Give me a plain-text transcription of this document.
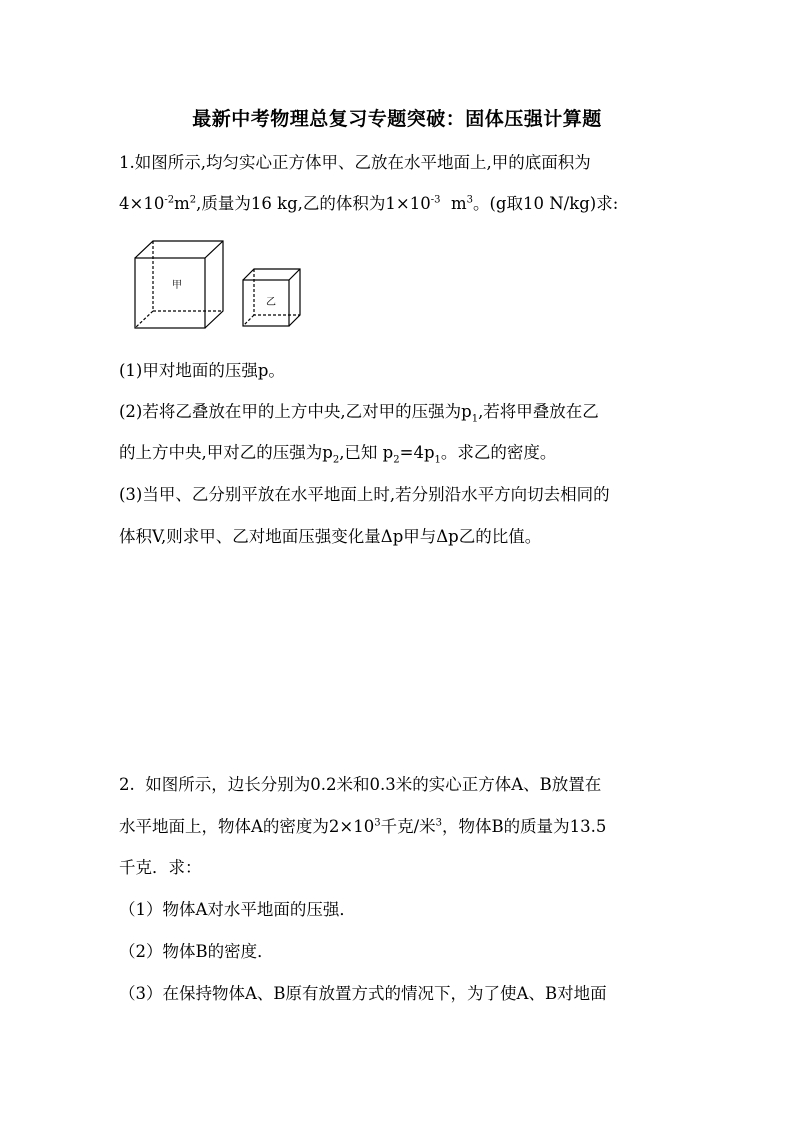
最新中考物理总复习专题突破：固体压强计算题
1.如图所示,均匀实心正方体甲、乙放在水平地面上,甲的底面积为
$4\times 10^{-2}m^2$,质量为16 kg,乙的体积为$1\times 10^{-3}$  $m^3$。(g取10 N/kg)求:
甲
乙
(1)甲对地面的压强p。
(2)若将乙叠放在甲的上方中央,乙对甲的压强为$p_1$,若将甲叠放在乙
的上方中央,甲对乙的压强为$p_2$,已知 $p_2=4p_1$。求乙的密度。
(3)当甲、乙分别平放在水平地面上时,若分别沿水平方向切去相同的
体积V,则求甲、乙对地面压强变化量Δp甲与Δp乙的比值。
2.  如图所示，边长分别为0.2米和0.3米的实心正方体A、B放置在
水平地面上，物体A的密度为$2\times 10^3$千克/米$^3$，物体B的质量为13.5
千克．求：
（1）物体A对水平地面的压强．
（2）物体B的密度．
（3）在保持物体A、B原有放置方式的情况下，为了使A、B对地面
